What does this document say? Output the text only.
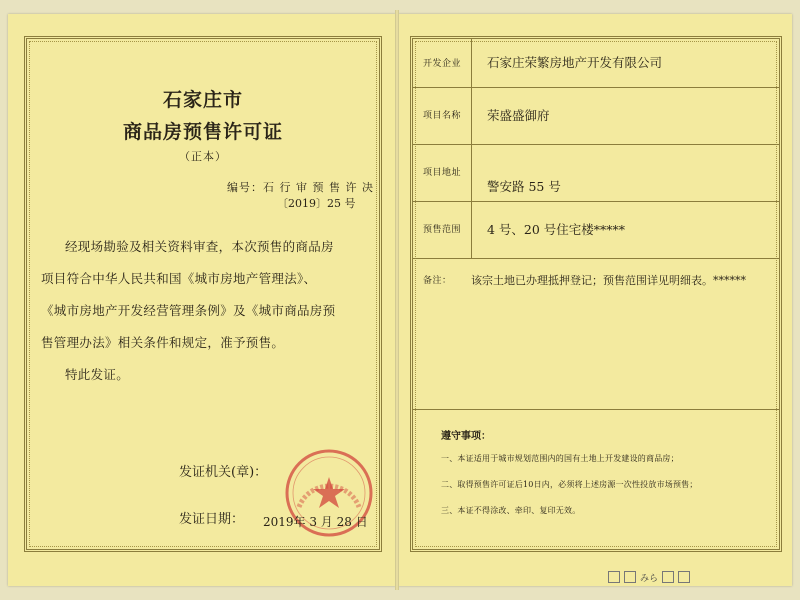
石家庄市
商品房预售许可证
（正本）
编号：石 行 审 预 售 许 决
〔2019〕25 号

经现场勘验及相关资料审查，本次预售的商品房

项目符合中华人民共和国《城市房地产管理法》、

《城市房地产开发经营管理条例》及《城市商品房预

售管理办法》相关条件和规定，准予预售。

特此发证。

发证机关(章)：
发证日期： 2019年 3 月 28 日
开发企业 石家庄荣繁房地产开发有限公司
项目名称 荣盛盛御府
项目地址
警安路 55 号
预售范围 4 号、20 号住宅楼*****
备注： 该宗土地已办理抵押登记；预售范围详见明细表。******
遵守事项：
一、本证适用于城市规划范围内的国有土地上开发建设的商品房；
二、取得预售许可证后10日内，必须将上述房源一次性投放市场预售；
三、本证不得涂改、牵印、复印无效。
みら
